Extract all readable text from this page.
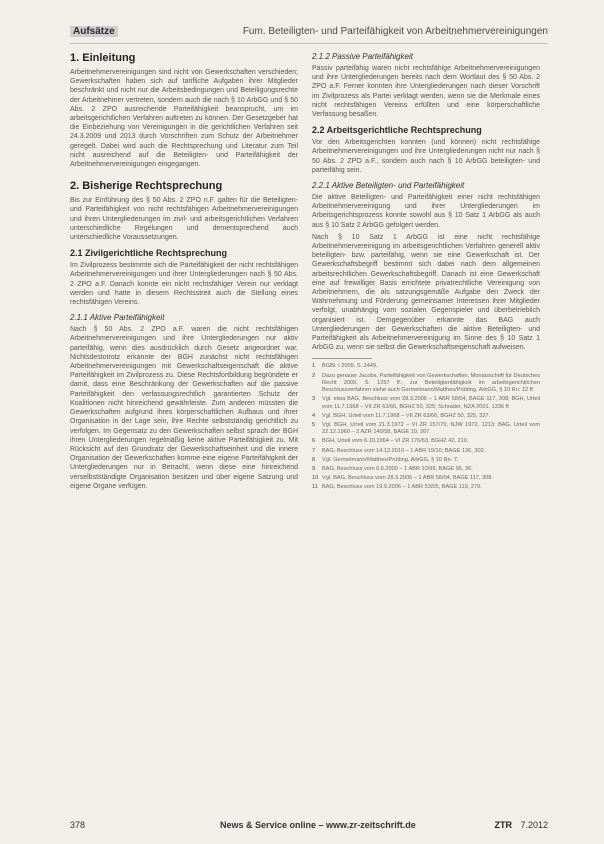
Aufsätze	Fum. Beteiligten- und Parteifähigkeit von Arbeitnehmervereinigungen
1. Einleitung

Arbeitnehmervereinigungen sind nicht von Gewerkschaften verschieden; Gewerkschaften haben sich auf tarifliche Aufgaben ihrer Mitglieder beschränkt und nicht nur die Arbeitsbedingungen und Beteiligungsrechte der Arbeitnehmer vertreten, sondern auch die nach § 10 ArbGG und § 50 Abs. 2 ZPO ausreichende Parteifähigkeit beansprucht, um im arbeitsgerichtlichen Verfahren auftreten zu können. Der Gesetzgeber hat die Einbeziehung von Vereinigungen in die gerichtlichen Verfahren seit 24.3.2009 und 2013 durch Vorschriften zum Schutz der Arbeitnehmer geregelt. Dabei wird auch die Rechtsprechung und Literatur zum Teil nicht ausreichend auf die Beteiligten- und Parteifähigkeit der Arbeitnehmervereinigungen eingegangen.

2. Bisherige Rechtsprechung

Bis zur Einführung des § 50 Abs. 2 ZPO n.F. galten für die Beteiligten- und Parteifähigkeit von nicht rechtsfähigen Arbeitnehmervereinigungen und ihren Untergliederungen im zivil- und arbeitsgerichtlichen Verfahren unterschiedliche Regelungen und dementsprechend auch unterschiedliche Voraussetzungen.

2.1 Zivilgerichtliche Rechtsprechung

Im Zivilprozess bestimmte sich die Parteifähigkeit der nicht rechtsfähigen Arbeitnehmervereinigungen und ihrer Untergliederungen nach § 50 Abs. 2 ZPO a.F. Danach konnte ein nicht rechtsfähiger Verein nur verklagt werden und hatte in diesem Rechtsstreit auch die Stellung eines rechtsfähigen Vereins.

2.1.1 Aktive Parteifähigkeit

Nach § 50 Abs. 2 ZPO a.F. waren die nicht rechtsfähigen Arbeitnehmervereinigungen und ihre Untergliederungen nur aktiv parteifähig, wenn dies ausdrücklich durch Gesetz angeordnet war. Nichtsdestotrotz erkannte der BGH zunächst nicht rechtsfähigen Arbeitnehmervereinigungen mit Gewerkschaftseigenschaft die aktive Parteifähigkeit im Zivilprozess zu. Diese Rechtsfortbildung begründete er damit, dass eine Beschränkung der Gewerkschaften auf die passive Parteifähigkeit den verfassungsrechtlich garantierten Schutz der Koalitionen nicht hinreichend gewährleiste. Zum anderen müssten die Gewerkschaften aufgrund ihres körperschaftlichen Aufbaus und ihrer Organisation in der Lage sein, ihre Rechte selbstständig gerichtlich zu verfolgen. Im Gegensatz zu den Gewerkschaften selbst sprach der BGH ihren Untergliederungen regelmäßig keine aktive Parteifähigkeit zu. Mit Rücksicht auf den Grundsatz der Gewerkschaftseinheit und die innere Organisation der Gewerkschaften komme eine eigene Parteifähigkeit der Untergliederungen nur in Betracht, wenn diese eine hinreichend verselbstständigte Organisation besitzen und über eigene Satzung und eigene Organe verfügen.

2.1.2 Passive Parteifähigkeit

Passiv parteifähig waren nicht rechtsfähige Arbeitnehmervereinigungen und ihre Untergliederungen bereits nach dem Wortlaut des § 50 Abs. 2 ZPO a.F. Ferner konnten ihre Untergliederungen nach dieser Vorschrift im Zivilprozess als Partei verklagt werden, wenn sie die Merkmale eines nicht rechtsfähigen Vereins erfüllten und eine körperschaftliche Verfassung besaßen.

2.2 Arbeitsgerichtliche Rechtsprechung

Vor den Arbeitsgerichten konnten (und können) nicht rechtsfähige Arbeitnehmervereinigungen und ihre Untergliederungen nicht nur nach § 50 Abs. 2 ZPO a.F., sondern auch nach § 10 ArbGG beteiligten- und parteifähig sein.

2.2.1 Aktive Beteiligten- und Parteifähigkeit

Die aktive Beteiligten- und Parteifähigkeit einer nicht rechtsfähigen Arbeitnehmervereinigung und ihrer Untergliederungen im Arbeitsgerichtsprozess konnte sowohl aus § 10 Satz 1 ArbGG als auch aus § 10 Satz 2 ArbGG gefolgert werden.

Nach § 10 Satz 1 ArbGG ist eine nicht rechtsfähige Arbeitnehmervereinigung im arbeitsgerichtlichen Verfahren generell aktiv beteiligten- bzw. parteifähig, wenn sie eine Gewerkschaft ist. Der Gewerkschaftsbegriff bestimmt sich dabei nach dem allgemeinen arbeitsrechtlichen Gewerkschaftsbegriff. Danach ist eine Gewerkschaft eine auf freiwilliger Basis errichtete privatrechtliche Vereinigung von Arbeitnehmern, die als satzungsgemäße Aufgabe den Zweck der Wahrnehmung und Förderung gemeinsamer Interessen ihrer Mitglieder verfolgt, unabhängig vom sozialen Gegenspieler und überbetrieblich organisiert ist. Demgegenüber erkannte das BAG auch Untergliederungen der Gewerkschaften die aktive Beteiligten- und Parteifähigkeit als Arbeitnehmervereinigung im Sinne des § 10 Satz 1 ArbGG zu, wenn sie selbst die Gewerkschaftseigenschaft aufweisen.

1 BGBl. I 2009, S. 2449.
2 Dazu genauer Jacobs, Parteifähigkeit von Gewerkschaften, Monatsschrift für Deutsches Recht 2009, S. 1257 ff.; zur Beteiligtenfähigkeit im arbeitsgerichtlichen Beschlussverfahren siehe auch Germelmann/Matthes/Prütting, ArbGG, § 10 Rn. 12 ff.
3 Vgl. etwa BAG, Beschluss vom 28.3.2006 – 1 ABR 58/04, BAGE 117, 308; BGH, Urteil vom 11.7.1968 – VII ZR 63/66, BGHZ 50, 325; Schrader, NZA 2001, 1336 ff.
4 Vgl. BGH, Urteil vom 11.7.1968 – VII ZR 63/66, BGHZ 50, 325, 327.
5 Vgl. BGH, Urteil vom 21.3.1972 – VI ZR 157/70, NJW 1972, 1213; BAG, Urteil vom 22.12.1960 – 2 AZR 140/58, BAGE 10, 267.
6 BGH, Urteil vom 6.10.1964 – VI ZR 176/63, BGHZ 42, 210.
7 BAG, Beschluss vom 14.12.2010 – 1 ABR 19/10, BAGE 136, 302.
8 Vgl. Germelmann/Matthes/Prütting, ArbGG, § 10 Rn. 7.
9 BAG, Beschluss vom 6.6.2000 – 1 ABR 10/99, BAGE 95, 36.
10 Vgl. BAG, Beschluss vom 28.3.2006 – 1 ABR 58/04, BAGE 117, 308.
11 BAG, Beschluss vom 19.9.2006 – 1 ABR 53/05, BAGE 119, 279.
378	News & Service online – www.zr-zeitschrift.de	ZTR 7.2012
